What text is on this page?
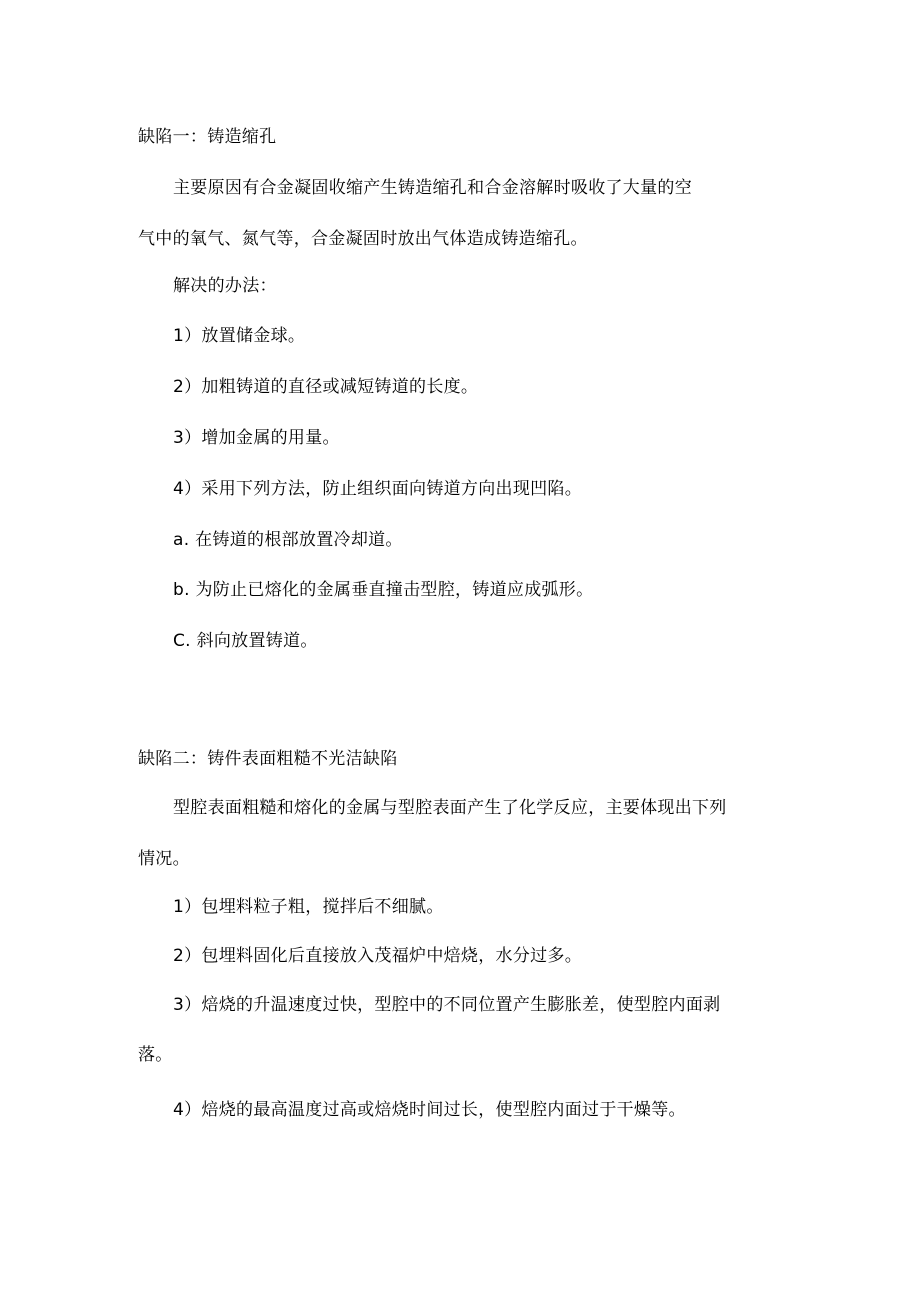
缺陷一：铸造缩孔
主要原因有合金凝固收缩产生铸造缩孔和合金溶解时吸收了大量的空
气中的氧气、氮气等，合金凝固时放出气体造成铸造缩孔。
解决的办法：
1）放置储金球。
2）加粗铸道的直径或减短铸道的长度。
3）增加金属的用量。
4）采用下列方法，防止组织面向铸道方向出现凹陷。
a. 在铸道的根部放置冷却道。
b. 为防止已熔化的金属垂直撞击型腔，铸道应成弧形。
C. 斜向放置铸道。
缺陷二：铸件表面粗糙不光洁缺陷
型腔表面粗糙和熔化的金属与型腔表面产生了化学反应，主要体现出下列
情况。
1）包埋料粒子粗，搅拌后不细腻。
2）包埋料固化后直接放入茂福炉中焙烧，水分过多。
3）焙烧的升温速度过快，型腔中的不同位置产生膨胀差，使型腔内面剥
落。
4）焙烧的最高温度过高或焙烧时间过长，使型腔内面过于干燥等。
